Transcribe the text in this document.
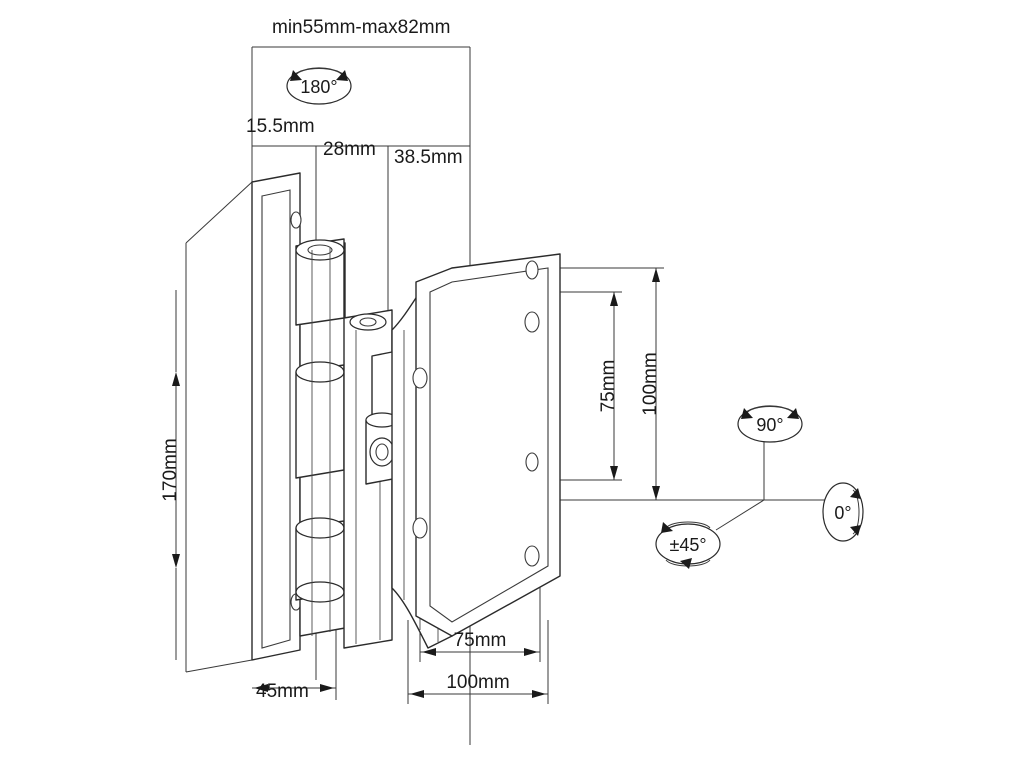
180°
90°
0°
±45°
min55mm-max82mm
15.5mm
28mm 38.5mm
170mm
45mm
75mm 100mm
75mm
100mm
